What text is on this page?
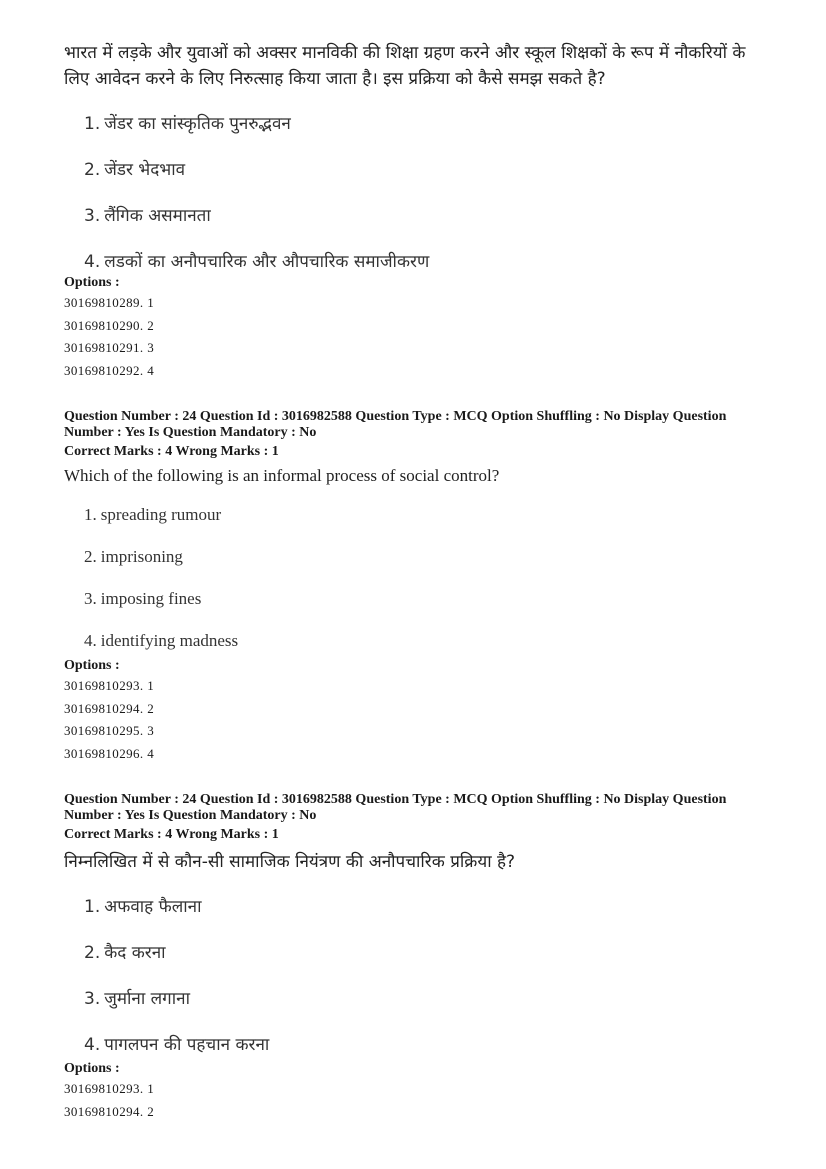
भारत में लड़के और युवाओं को अक्सर मानविकी की शिक्षा ग्रहण करने और स्कूल शिक्षकों के रूप में नौकरियों के लिए आवेदन करने के लिए निरुत्साह किया जाता है। इस प्रक्रिया को कैसे समझ सकते है?
1. जेंडर का सांस्कृतिक पुनरुद्भवन
2. जेंडर भेदभाव
3. लैंगिक असमानता
4. लडकों का अनौपचारिक और औपचारिक समाजीकरण
Options :
30169810289. 1
30169810290. 2
30169810291. 3
30169810292. 4
Question Number : 24 Question Id : 3016982588 Question Type : MCQ Option Shuffling : No Display Question
Number : Yes Is Question Mandatory : No
Correct Marks : 4 Wrong Marks : 1
Which of the following is an informal process of social control?
1. spreading rumour
2. imprisoning
3. imposing fines
4. identifying madness
Options :
30169810293. 1
30169810294. 2
30169810295. 3
30169810296. 4
Question Number : 24 Question Id : 3016982588 Question Type : MCQ Option Shuffling : No Display Question
Number : Yes Is Question Mandatory : No
Correct Marks : 4 Wrong Marks : 1
निम्नलिखित में से कौन-सी सामाजिक नियंत्रण की अनौपचारिक प्रक्रिया है?
1. अफवाह फैलाना
2. कैद करना
3. जुर्माना लगाना
4. पागलपन की पहचान करना
Options :
30169810293. 1
30169810294. 2
